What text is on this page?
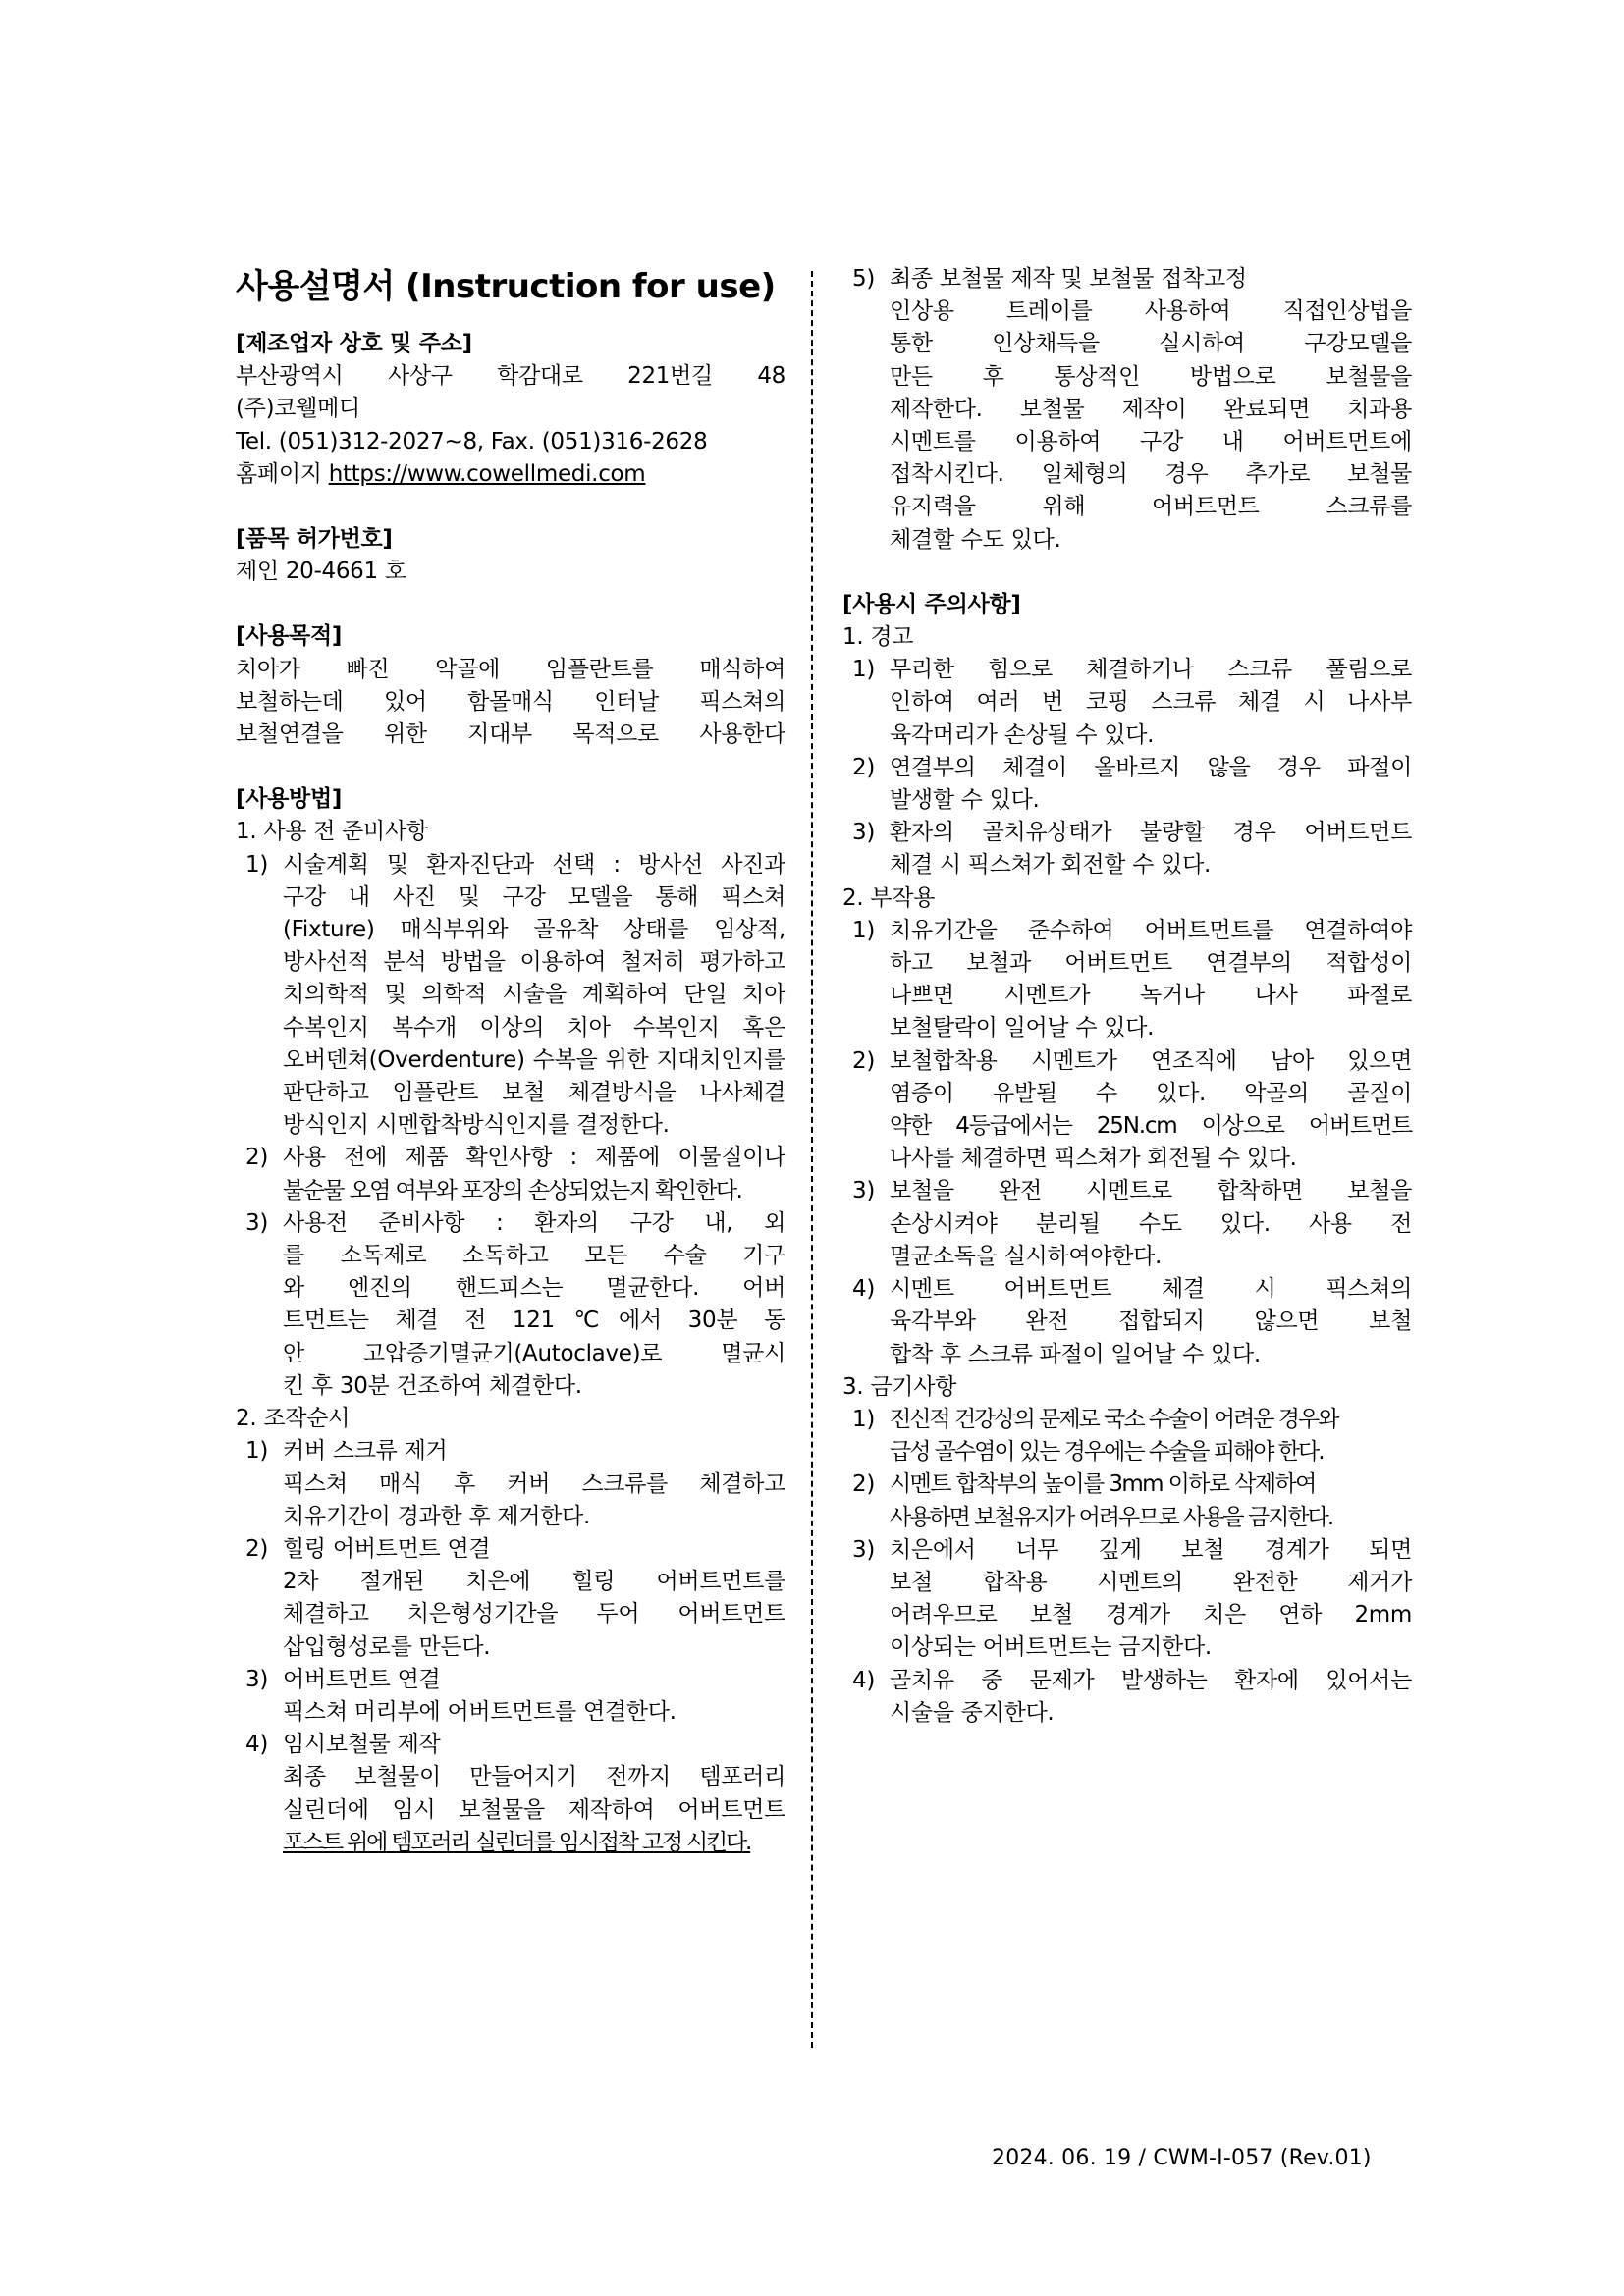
사용설명서 (Instruction for use)

[제조업자 상호 및 주소]

부산광역시 사상구 학감대로 221번길 48

(주)코웰메디

Tel. (051)312-2027~8, Fax. (051)316-2628

홈페이지 https://www.cowellmedi.com

[품목 허가번호]

제인 20-4661 호

[사용목적]

치아가 빠진 악골에 임플란트를 매식하여

보철하는데 있어 함몰매식 인터날 픽스쳐의

보철연결을 위한 지대부 목적으로 사용한다

[사용방법]

1. 사용 전 준비사항

1) 시술계획 및 환자진단과 선택 : 방사선 사진과

구강 내 사진 및 구강 모델을 통해 픽스쳐

(Fixture) 매식부위와 골유착 상태를 임상적,

방사선적 분석 방법을 이용하여 철저히 평가하고

치의학적 및 의학적 시술을 계획하여 단일 치아

수복인지 복수개 이상의 치아 수복인지 혹은

오버덴쳐(Overdenture) 수복을 위한 지대치인지를

판단하고 임플란트 보철 체결방식을 나사체결

방식인지 시멘합착방식인지를 결정한다.

2) 사용 전에 제품 확인사항 : 제품에 이물질이나

불순물 오염 여부와 포장의 손상되었는지 확인한다.

3) 사용전 준비사항 : 환자의 구강 내, 외

를 소독제로 소독하고 모든 수술 기구

와 엔진의 핸드피스는 멸균한다. 어버

트먼트는 체결 전 121℃에서 30분 동

안 고압증기멸균기(Autoclave)로 멸균시

킨 후 30분 건조하여 체결한다.

2. 조작순서

1) 커버 스크류 제거

픽스쳐 매식 후 커버 스크류를 체결하고

치유기간이 경과한 후 제거한다.

2) 힐링 어버트먼트 연결

2차 절개된 치은에 힐링 어버트먼트를

체결하고 치은형성기간을 두어 어버트먼트

삽입형성로를 만든다.

3) 어버트먼트 연결

픽스쳐 머리부에 어버트먼트를 연결한다.

4) 임시보철물 제작

최종 보철물이 만들어지기 전까지 템포러리

실린더에 임시 보철물을 제작하여 어버트먼트

포스트 위에 템포러리 실린더를 임시접착 고정 시킨다.

5) 최종 보철물 제작 및 보철물 접착고정

인상용 트레이를 사용하여 직접인상법을

통한 인상채득을 실시하여 구강모델을

만든 후 통상적인 방법으로 보철물을

제작한다. 보철물 제작이 완료되면 치과용

시멘트를 이용하여 구강 내 어버트먼트에

접착시킨다. 일체형의 경우 추가로 보철물

유지력을 위해 어버트먼트 스크류를

체결할 수도 있다.

[사용시 주의사항]

1. 경고

1) 무리한 힘으로 체결하거나 스크류 풀림으로

인하여 여러 번 코핑 스크류 체결 시 나사부

육각머리가 손상될 수 있다.

2) 연결부의 체결이 올바르지 않을 경우 파절이

발생할 수 있다.

3) 환자의 골치유상태가 불량할 경우 어버트먼트

체결 시 픽스쳐가 회전할 수 있다.

2. 부작용

1) 치유기간을 준수하여 어버트먼트를 연결하여야

하고 보철과 어버트먼트 연결부의 적합성이

나쁘면 시멘트가 녹거나 나사 파절로

보철탈락이 일어날 수 있다.

2) 보철합착용 시멘트가 연조직에 남아 있으면

염증이 유발될 수 있다. 악골의 골질이

약한 4등급에서는 25N.cm 이상으로 어버트먼트

나사를 체결하면 픽스쳐가 회전될 수 있다.

3) 보철을 완전 시멘트로 합착하면 보철을

손상시켜야 분리될 수도 있다. 사용 전

멸균소독을 실시하여야한다.

4) 시멘트 어버트먼트 체결 시 픽스쳐의

육각부와 완전 접합되지 않으면 보철

합착 후 스크류 파절이 일어날 수 있다.

3. 금기사항

1) 전신적 건강상의 문제로 국소 수술이 어려운 경우와

급성 골수염이 있는 경우에는 수술을 피해야 한다.

2) 시멘트 합착부의 높이를 3mm 이하로 삭제하여

사용하면 보철유지가 어려우므로 사용을 금지한다.

3) 치은에서 너무 깊게 보철 경계가 되면

보철 합착용 시멘트의 완전한 제거가

어려우므로 보철 경계가 치은 연하 2mm

이상되는 어버트먼트는 금지한다.

4) 골치유 중 문제가 발생하는 환자에 있어서는

시술을 중지한다.

2024. 06. 19 / CWM-I-057 (Rev.01)
